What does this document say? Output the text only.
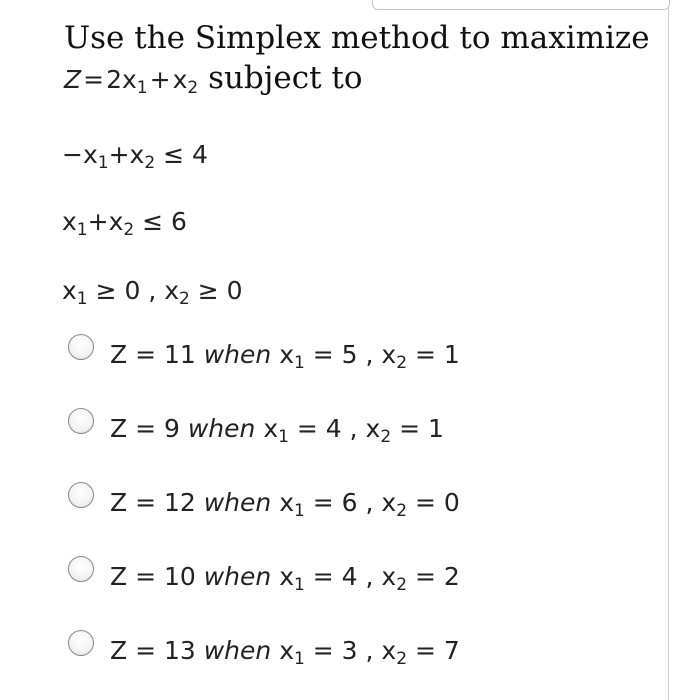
Use the Simplex method to maximize $Z=2x_1+x_2$ subject to
$-x_1+x_2 \le 4$
$x_1+x_2 \le 6$
$x_1 \ge 0$ , $x_2 \ge 0$
Z = 11 when $x_1 = 5$ , $x_2 = 1$
Z = 9 when $x_1 = 4$ , $x_2 = 1$
Z = 12 when $x_1 = 6$ , $x_2 = 0$
Z = 10 when $x_1 = 4$ , $x_2 = 2$
Z = 13 when $x_1 = 3$ , $x_2 = 7$
